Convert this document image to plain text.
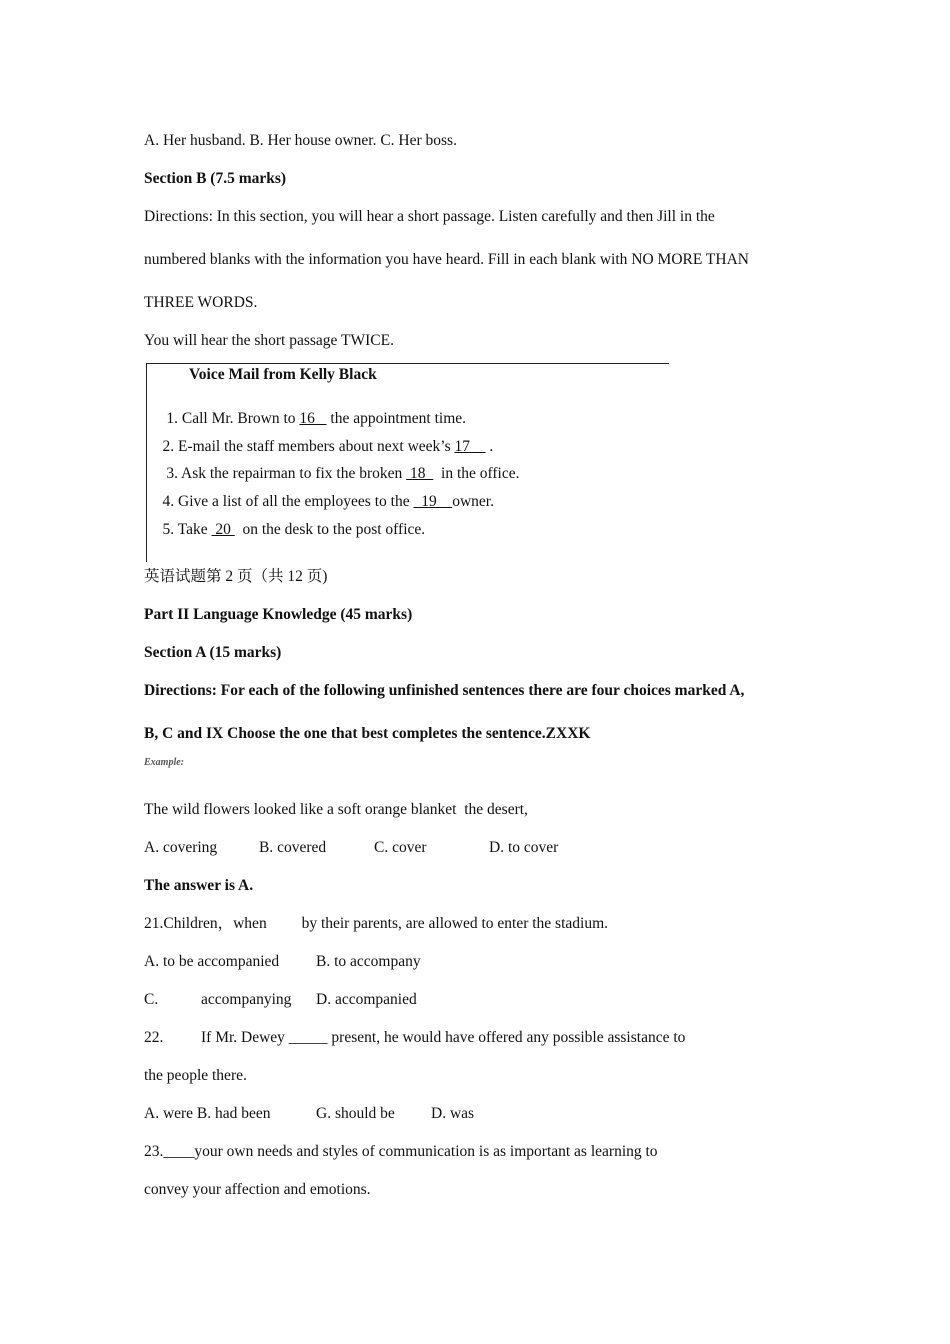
A. Her husband. B. Her house owner. C. Her boss.
Section B (7.5 marks)
Directions: In this section, you will hear a short passage. Listen carefully and then Jill in the
numbered blanks with the information you have heard. Fill in each blank with NO MORE THAN
THREE WORDS.
You will hear the short passage TWICE.
Voice Mail from Kelly Black

1. Call Mr. Brown to 16    the appointment time.

2. E-mail the staff members about next week’s 17__ .

3. Ask the repairman to fix the broken  18    in the office.

4. Give a list of all the employees to the   19    owner.

5. Take  20   on the desk to the post office.

英语试题第 2 页（共 12 页)
Part II Language Knowledge (45 marks)
Section A (15 marks)
Directions: For each of the following unfinished sentences there are four choices marked A,
B, C and IX Choose the one that best completes the sentence.ZXXK
Example:
The wild flowers looked like a soft orange blanket  the desert,
A. covering	B. covered	C. cover	D. to cover
The answer is A.
21.Children，when         by their parents, are allowed to enter the stadium.
A. to be accompanied B. to accompany
C.	accompanying D. accompanied
22. If Mr. Dewey _____ present, he would have offered any possible assistance to
the people there.
A. were B. had been	G. should be D. was
23.____your own needs and styles of communication is as important as learning to
convey your affection and emotions.
